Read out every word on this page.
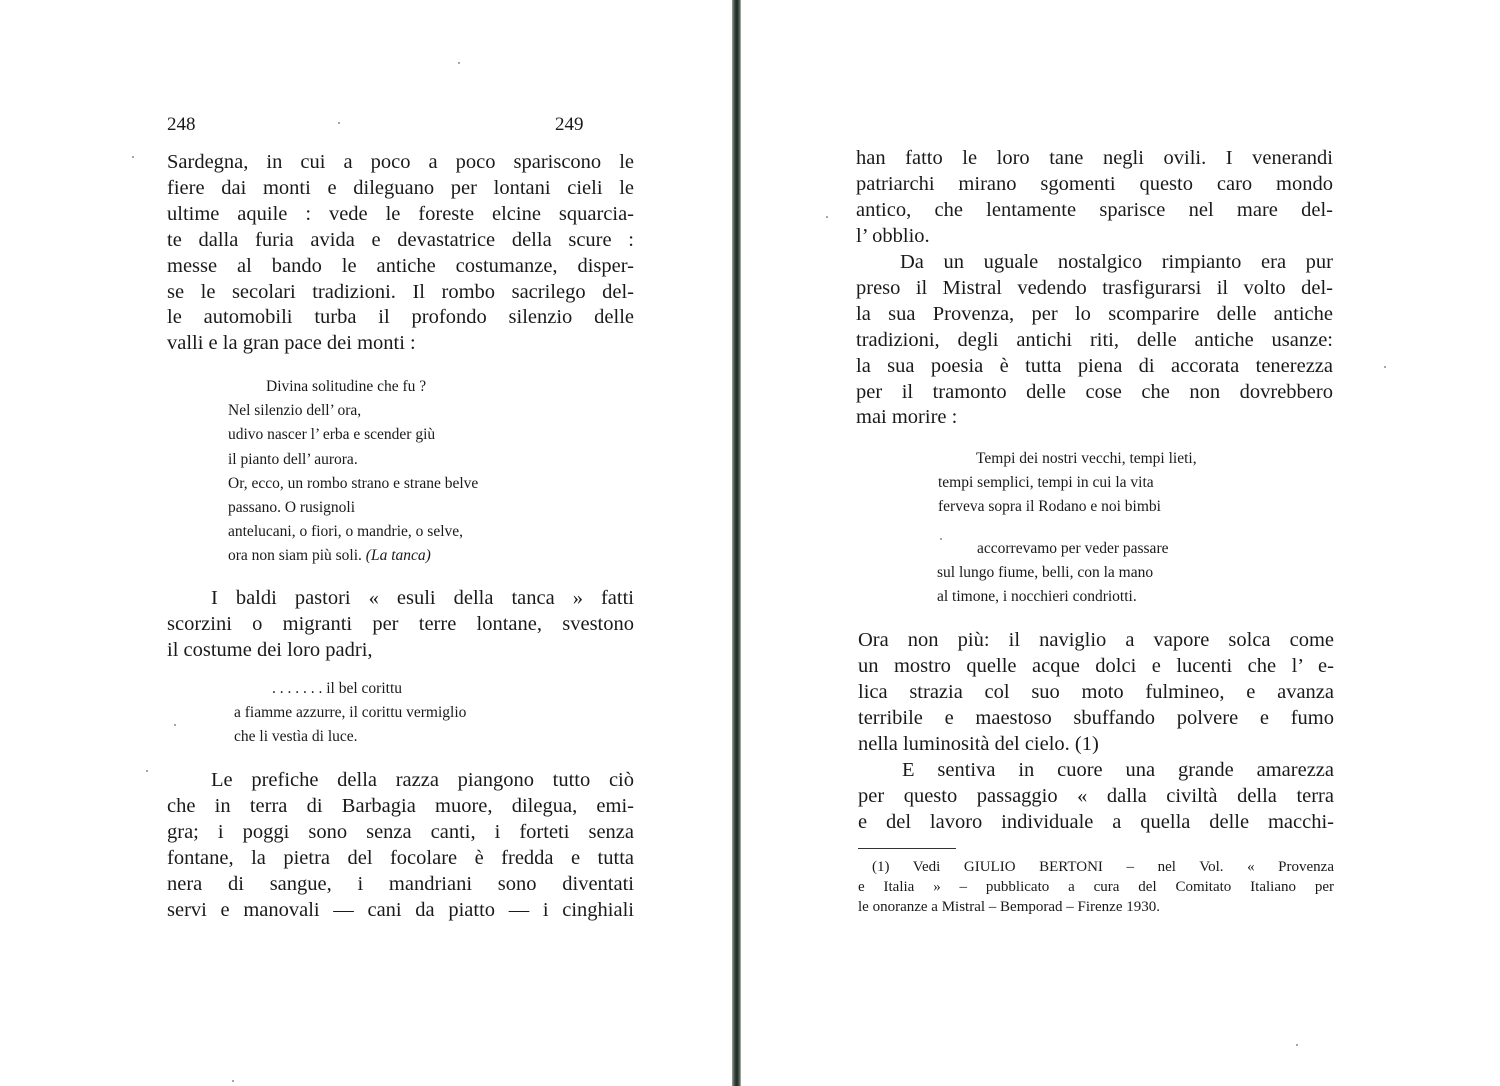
248
Sardegna, in cui a poco a poco spariscono le
fiere dai monti e dileguano per lontani cieli le
ultime aquile : vede le foreste elcine squarcia-
te dalla furia avida e devastatrice della scure :
messe al bando le antiche costumanze, disper-
se le secolari tradizioni. Il rombo sacrilego del-
le automobili turba il profondo silenzio delle
valli e la gran pace dei monti :
Divina solitudine che fu ?
Nel silenzio dell’ ora,
udivo nascer l’ erba e scender giù
il pianto dell’ aurora.
Or, ecco, un rombo strano e strane belve
passano. O rusignoli
antelucani, o fiori, o mandrie, o selve,
ora non siam più soli. (La tanca)
I baldi pastori « esuli della tanca » fatti
scorzini o migranti per terre lontane, svestono
il costume dei loro padri,
. . . . . . . il bel corittu
a fiamme azzurre, il corittu vermiglio
che li vestìa di luce.
Le prefiche della razza piangono tutto ciò
che in terra di Barbagia muore, dilegua, emi-
gra; i poggi sono senza canti, i forteti senza
fontane, la pietra del focolare è fredda e tutta
nera di sangue, i mandriani sono diventati
servi e manovali — cani da piatto — i cinghiali
249
han fatto le loro tane negli ovili. I venerandi
patriarchi mirano sgomenti questo caro mondo
antico, che lentamente sparisce nel mare del-
l’ obblio.
Da un uguale nostalgico rimpianto era pur
preso il Mistral vedendo trasfigurarsi il volto del-
la sua Provenza, per lo scomparire delle antiche
tradizioni, degli antichi riti, delle antiche usanze:
la sua poesia è tutta piena di accorata tenerezza
per il tramonto delle cose che non dovrebbero
mai morire :
Tempi dei nostri vecchi, tempi lieti,
tempi semplici, tempi in cui la vita
ferveva sopra il Rodano e noi bimbi
accorrevamo per veder passare
sul lungo fiume, belli, con la mano
al timone, i nocchieri condriotti.
Ora non più: il naviglio a vapore solca come
un mostro quelle acque dolci e lucenti che l’ e-
lica strazia col suo moto fulmineo, e avanza
terribile e maestoso sbuffando polvere e fumo
nella luminosità del cielo. (1)
E sentiva in cuore una grande amarezza
per questo passaggio « dalla civiltà della terra
e del lavoro individuale a quella delle macchi-
(1) Vedi GIULIO BERTONI – nel Vol. « Provenza
e Italia » – pubblicato a cura del Comitato Italiano per
le onoranze a Mistral – Bemporad – Firenze 1930.
